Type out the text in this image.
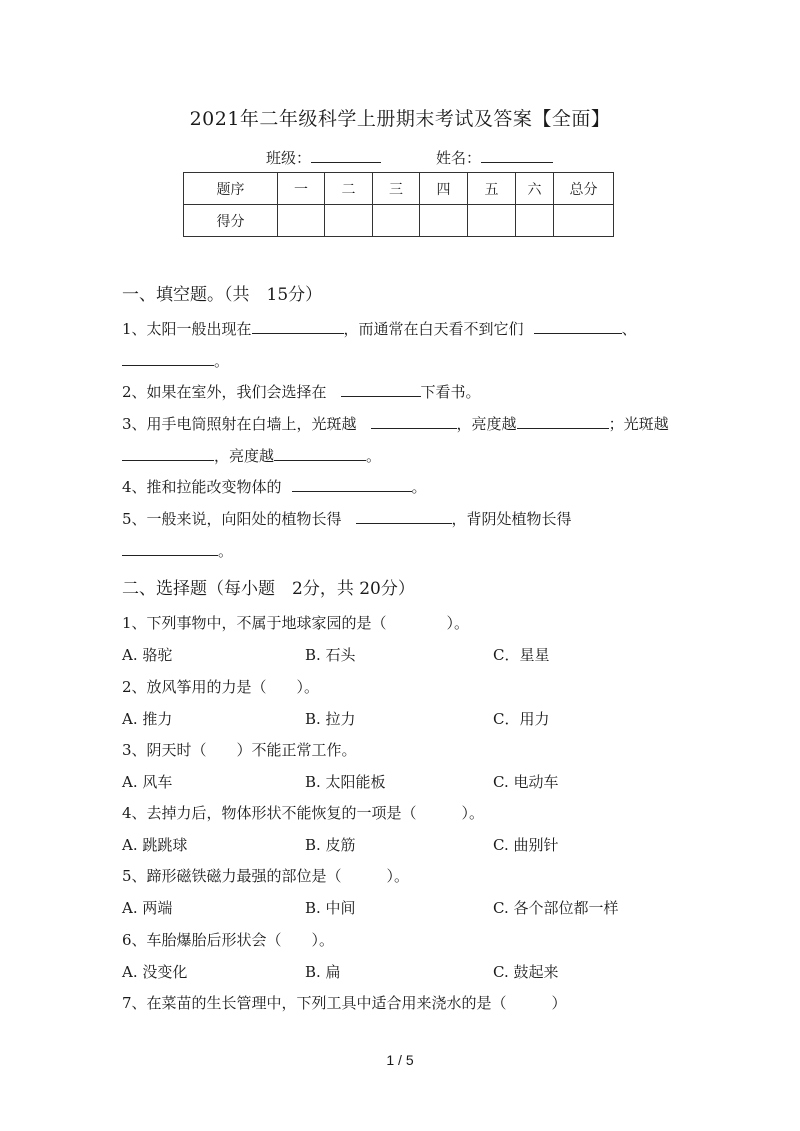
2021年二年级科学上册期末考试及答案【全面】
班级：	姓名：
题序	一	二	三	四	五	六	总分
得分							
一、填空题。（共　15分）
1、太阳一般出现在	，而通常在白天看不到它们	、
。
2、如果在室外，我们会选择在	下看书。
3、用手电筒照射在白墙上，光斑越	，亮度越	；光斑越
，亮度越	。
4、推和拉能改变物体的	。
5、一般来说，向阳处的植物长得	，背阴处植物长得
。
二、选择题（每小题　2分，共 20分）
1、下列事物中，不属于地球家园的是（　　　　）。
A. 骆驼	B. 石头	C．星星
2、放风筝用的力是（　　）。
A. 推力	B. 拉力	C．用力
3、阴天时（　　）不能正常工作。
A. 风车	B. 太阳能板	C. 电动车
4、去掉力后，物体形状不能恢复的一项是（　　　）。
A. 跳跳球	B. 皮筋	C. 曲别针
5、蹄形磁铁磁力最强的部位是（　　　）。
A. 两端	B. 中间	C. 各个部位都一样
6、车胎爆胎后形状会（　　）。
A. 没变化	B. 扁	C. 鼓起来
7、在菜苗的生长管理中，下列工具中适合用来浇水的是（　　　）
1 / 5
